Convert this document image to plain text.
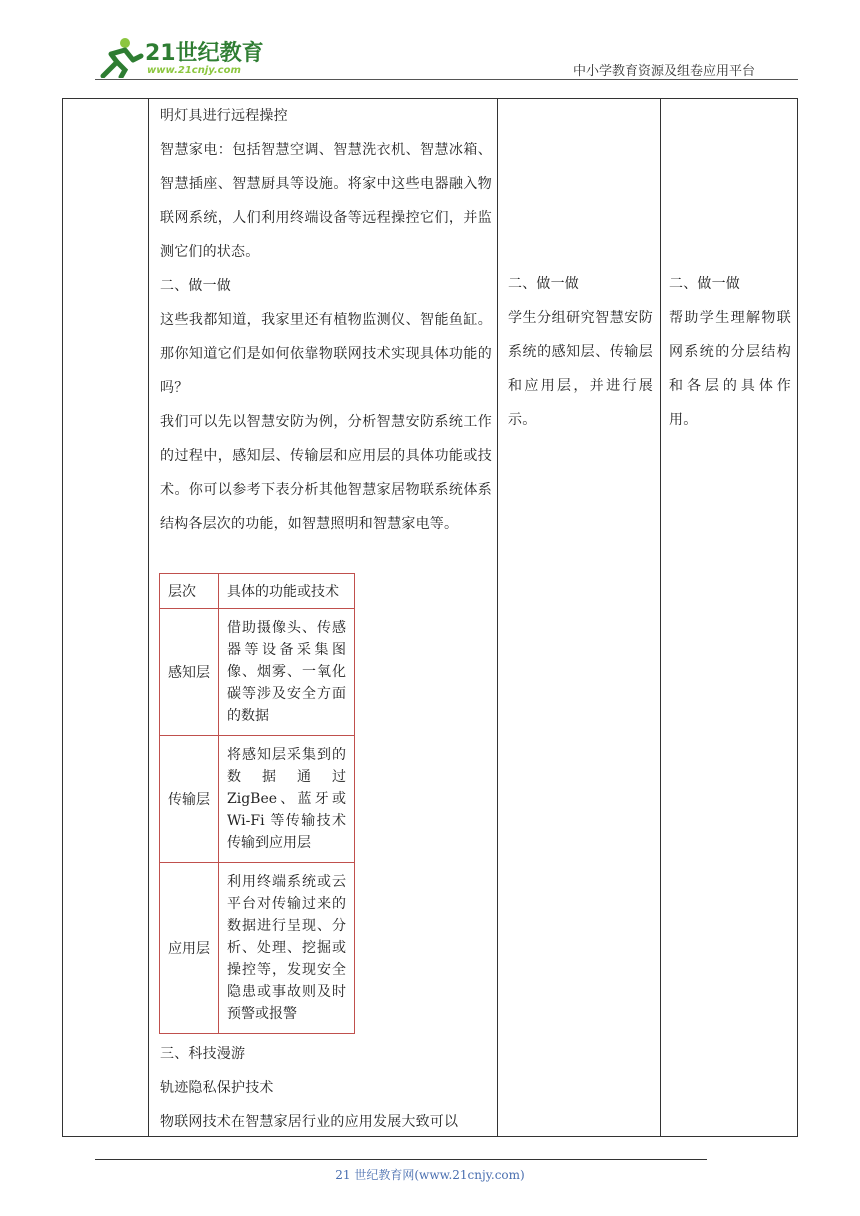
21世纪教育
www.21cnjy.com	中小学教育资源及组卷应用平台

明灯具进行远程操控

智慧家电：包括智慧空调、智慧洗衣机、智慧冰箱、智慧插座、智慧厨具等设施。将家中这些电器融入物联网系统，人们利用终端设备等远程操控它们，并监测它们的状态。

二、做一做

这些我都知道，我家里还有植物监测仪、智能鱼缸。那你知道它们是如何依靠物联网技术实现具体功能的吗？

我们可以先以智慧安防为例，分析智慧安防系统工作的过程中，感知层、传输层和应用层的具体功能或技术。你可以参考下表分析其他智慧家居物联系统体系结构各层次的功能，如智慧照明和智慧家电等。

层次	具体的功能或技术
感知层	借助摄像头、传感器等设备采集图像、烟雾、一氧化碳等涉及安全方面的数据
传输层	将感知层采集到的数据通过 ZigBee、蓝牙或 Wi-Fi 等传输技术传输到应用层
应用层	利用终端系统或云平台对传输过来的数据进行呈现、分析、处理、挖掘或操控等，发现安全隐患或事故则及时预警或报警

三、科技漫游

轨迹隐私保护技术

物联网技术在智慧家居行业的应用发展大致可以

二、做一做

学生分组研究智慧安防系统的感知层、传输层和应用层，并进行展示。

二、做一做

帮助学生理解物联网系统的分层结构和各层的具体作用。

21 世纪教育网(www.21cnjy.com)
